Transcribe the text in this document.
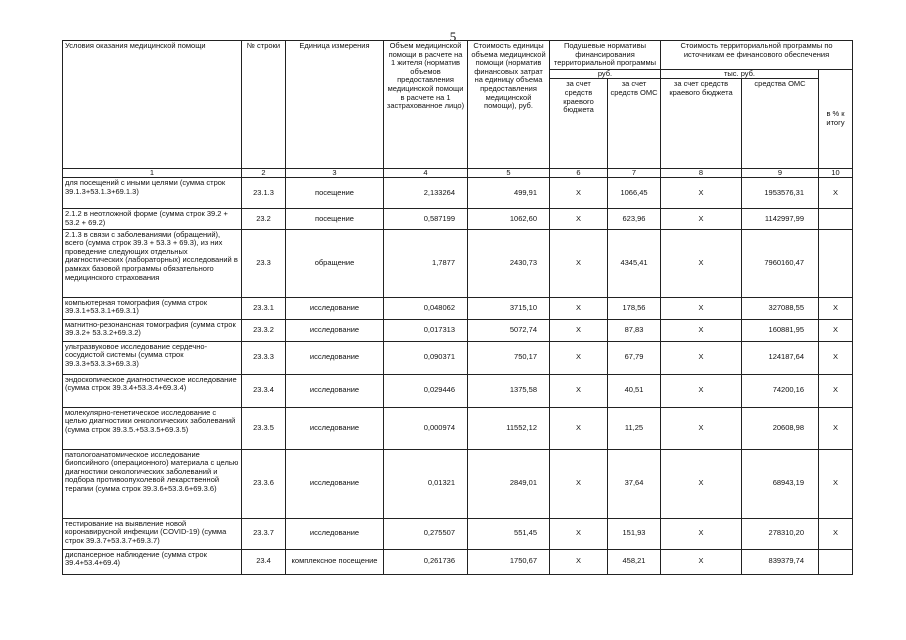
5
Условия оказания медицинской помощи	№ строки	Единица измерения	Объем медицинской помощи в расчете на 1 жителя (норматив объемов предоставления медицинской помощи в расчете на 1 застрахованное лицо)	Стоимость единицы объема медицинской помощи (норматив финансовых затрат на единицу объема предоставления медицинской помощи), руб.	Подушевые нормативы финансирования территориальной программы		Стоимость территориальной программы по источникам ее финансового обеспечения		
					руб.		тыс. руб.		в % к итогу
					за счет средств краевого бюджета	за счет средств ОМС	за счет средств краевого бюджета	средства ОМС	
1	2	3	4	5	6	7	8	9	10
для посещений с иными целями (сумма строк 39.1.3+53.1.3+69.1.3)	23.1.3	посещение	2,133264	499,91	X	1066,45	X	1953576,31	X
2.1.2 в неотложной форме (сумма строк 39.2 + 53.2 + 69.2)	23.2	посещение	0,587199	1062,60	X	623,96	X	1142997,99	
2.1.3 в связи с заболеваниями (обращений), всего (сумма строк 39.3 + 53.3 + 69.3), из них проведение следующих отдельных диагностических (лабораторных) исследований в рамках базовой программы обязательного медицинского страхования	23.3	обращение	1,7877	2430,73	X	4345,41	X	7960160,47	
компьютерная томография (сумма строк 39.3.1+53.3.1+69.3.1)	23.3.1	исследование	0,048062	3715,10	X	178,56	X	327088,55	X
магнитно-резонансная томография (сумма строк 39.3.2+ 53.3.2+69.3.2)	23.3.2	исследование	0,017313	5072,74	X	87,83	X	160881,95	X
ультразвуковое исследование сердечно-сосудистой системы (сумма строк 39.3.3+53.3.3+69.3.3)	23.3.3	исследование	0,090371	750,17	X	67,79	X	124187,64	X
эндоскопическое диагностическое исследование (сумма строк 39.3.4+53.3.4+69.3.4)	23.3.4	исследование	0,029446	1375,58	X	40,51	X	74200,16	X
молекулярно-генетическое исследование с целью диагностики онкологических заболеваний (сумма строк 39.3.5.+53.3.5+69.3.5)	23.3.5	исследование	0,000974	11552,12	X	11,25	X	20608,98	X
патологоанатомическое исследование биопсийного (операционного) материала с целью диагностики онкологических заболеваний и подбора противоопухолевой лекарственной терапии (сумма строк 39.3.6+53.3.6+69.3.6)	23.3.6	исследование	0,01321	2849,01	X	37,64	X	68943,19	X
тестирование на выявление новой коронавирусной инфекции (COVID-19) (сумма строк 39.3.7+53.3.7+69.3.7)	23.3.7	исследование	0,275507	551,45	X	151,93	X	278310,20	X
диспансерное наблюдение (сумма строк 39.4+53.4+69.4)	23.4	комплексное посещение	0,261736	1750,67	X	458,21	X	839379,74	
